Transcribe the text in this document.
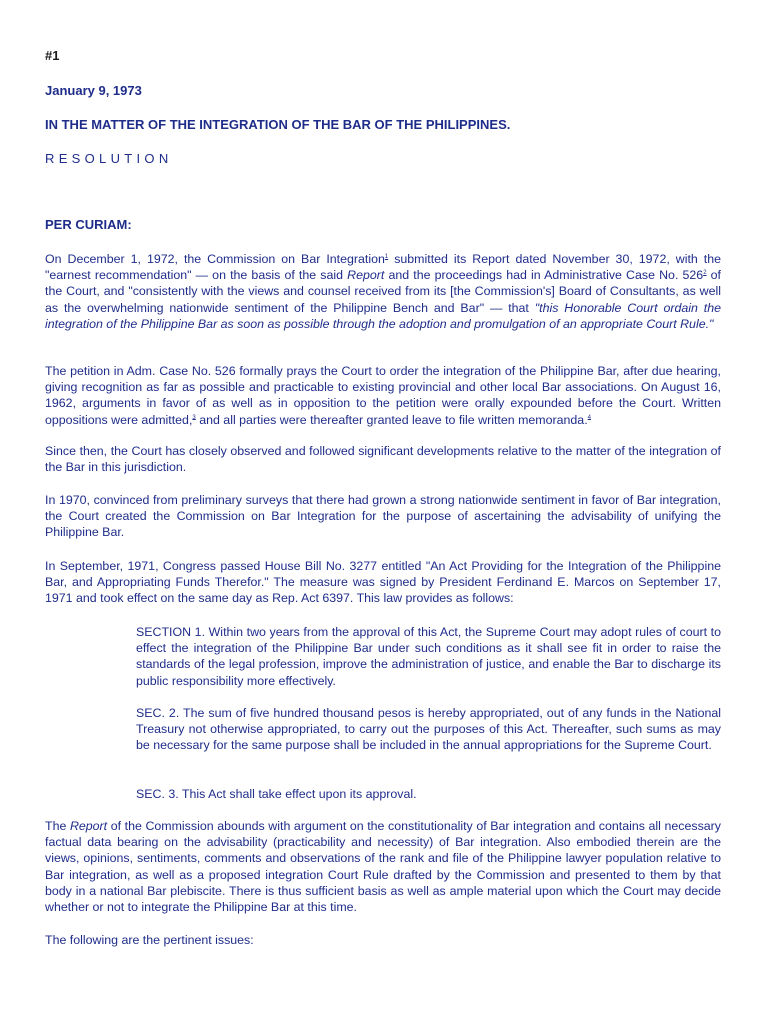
#1
January 9, 1973
IN THE MATTER OF THE INTEGRATION OF THE BAR OF THE PHILIPPINES.
RESOLUTION
PER CURIAM:

On December 1, 1972, the Commission on Bar Integration$^1$ submitted its Report dated November 30, 1972, with the "earnest recommendation" — on the basis of the said Report and the proceedings had in Administrative Case No. 526$^2$ of the Court, and "consistently with the views and counsel received from its [the Commission's] Board of Consultants, as well as the overwhelming nationwide sentiment of the Philippine Bench and Bar" — that "this Honorable Court ordain the integration of the Philippine Bar as soon as possible through the adoption and promulgation of an appropriate Court Rule."

The petition in Adm. Case No. 526 formally prays the Court to order the integration of the Philippine Bar, after due hearing, giving recognition as far as possible and practicable to existing provincial and other local Bar associations. On August 16, 1962, arguments in favor of as well as in opposition to the petition were orally expounded before the Court. Written oppositions were admitted,$^3$ and all parties were thereafter granted leave to file written memoranda.$^4$

Since then, the Court has closely observed and followed significant developments relative to the matter of the integration of the Bar in this jurisdiction.

In 1970, convinced from preliminary surveys that there had grown a strong nationwide sentiment in favor of Bar integration, the Court created the Commission on Bar Integration for the purpose of ascertaining the advisability of unifying the Philippine Bar.

In September, 1971, Congress passed House Bill No. 3277 entitled "An Act Providing for the Integration of the Philippine Bar, and Appropriating Funds Therefor." The measure was signed by President Ferdinand E. Marcos on September 17, 1971 and took effect on the same day as Rep. Act 6397. This law provides as follows:

SECTION 1. Within two years from the approval of this Act, the Supreme Court may adopt rules of court to effect the integration of the Philippine Bar under such conditions as it shall see fit in order to raise the standards of the legal profession, improve the administration of justice, and enable the Bar to discharge its public responsibility more effectively.

SEC. 2. The sum of five hundred thousand pesos is hereby appropriated, out of any funds in the National Treasury not otherwise appropriated, to carry out the purposes of this Act. Thereafter, such sums as may be necessary for the same purpose shall be included in the annual appropriations for the Supreme Court.

SEC. 3. This Act shall take effect upon its approval.

The Report of the Commission abounds with argument on the constitutionality of Bar integration and contains all necessary factual data bearing on the advisability (practicability and necessity) of Bar integration. Also embodied therein are the views, opinions, sentiments, comments and observations of the rank and file of the Philippine lawyer population relative to Bar integration, as well as a proposed integration Court Rule drafted by the Commission and presented to them by that body in a national Bar plebiscite. There is thus sufficient basis as well as ample material upon which the Court may decide whether or not to integrate the Philippine Bar at this time.

The following are the pertinent issues:
